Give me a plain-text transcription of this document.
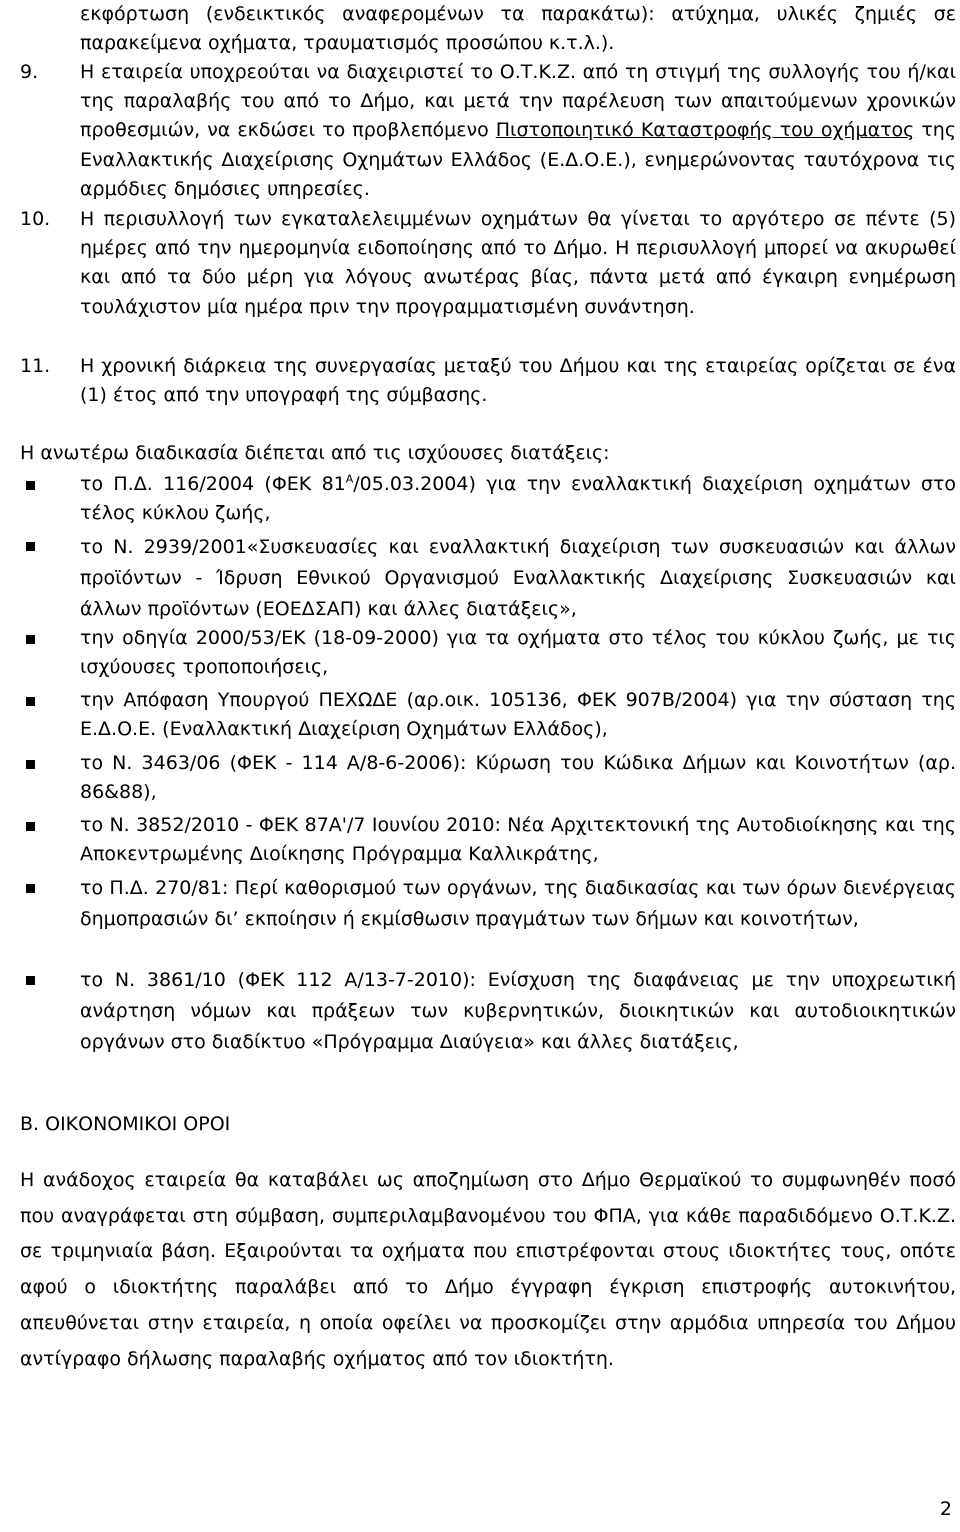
εκφόρτωση (ενδεικτικός αναφερομένων τα παρακάτω): ατύχημα, υλικές ζημιές σε παρακείμενα οχήματα, τραυματισμός προσώπου κ.τ.λ.).
9.	Η εταιρεία υποχρεούται να διαχειριστεί το Ο.Τ.Κ.Ζ. από τη στιγμή της συλλογής του ή/και της παραλαβής του από το Δήμο, και μετά την παρέλευση των απαιτούμενων χρονικών προθεσμιών, να εκδώσει το προβλεπόμενο Πιστοποιητικό Καταστροφής του οχήματος της Εναλλακτικής Διαχείρισης Οχημάτων Ελλάδος (Ε.Δ.Ο.Ε.), ενημερώνοντας ταυτόχρονα τις αρμόδιες δημόσιες υπηρεσίες.
10.	Η περισυλλογή των εγκαταλελειμμένων οχημάτων θα γίνεται το αργότερο σε πέντε (5) ημέρες από την ημερομηνία ειδοποίησης από το Δήμο. Η περισυλλογή μπορεί να ακυρωθεί και από τα δύο μέρη για λόγους ανωτέρας βίας, πάντα μετά από έγκαιρη ενημέρωση τουλάχιστον μία ημέρα πριν την προγραμματισμένη συνάντηση.
11.	Η χρονική διάρκεια της συνεργασίας μεταξύ του Δήμου και της εταιρείας ορίζεται σε ένα (1) έτος από την υπογραφή της σύμβασης.
Η ανωτέρω διαδικασία διέπεται από τις ισχύουσες διατάξεις:
το Π.Δ. 116/2004 (ΦΕΚ $81^A/05.03.2004$) για την εναλλακτική διαχείριση οχημάτων στο τέλος κύκλου ζωής,
το Ν. 2939/2001«Συσκευασίες και εναλλακτική διαχείριση των συσκευασιών και άλλων προϊόντων - Ίδρυση Εθνικού Οργανισμού Εναλλακτικής Διαχείρισης Συσκευασιών και άλλων προϊόντων (ΕΟΕΔΣΑΠ) και άλλες διατάξεις»,
την οδηγία 2000/53/ΕΚ (18-09-2000) για τα οχήματα στο τέλος του κύκλου ζωής, με τις ισχύουσες τροποποιήσεις,
την Απόφαση Υπουργού ΠΕΧΩΔΕ (αρ.οικ. 105136, ΦΕΚ 907Β/2004) για την σύσταση της Ε.Δ.Ο.Ε. (Εναλλακτική Διαχείριση Οχημάτων Ελλάδος),
το Ν. 3463/06 (ΦΕΚ - 114 Α/8-6-2006): Κύρωση του Κώδικα Δήμων και Κοινοτήτων (αρ. 86&88),
το Ν. 3852/2010 - ΦΕΚ 87Α'/7 Ιουνίου 2010: Νέα Αρχιτεκτονική της Αυτοδιοίκησης και της Αποκεντρωμένης Διοίκησης Πρόγραμμα Καλλικράτης,
το Π.Δ. 270/81: Περί καθορισμού των οργάνων, της διαδικασίας και των όρων διενέργειας δημοπρασιών δι’ εκποίησιν ή εκμίσθωσιν πραγμάτων των δήμων και κοινοτήτων,
το Ν. 3861/10 (ΦΕΚ 112 Α/13-7-2010): Ενίσχυση της διαφάνειας με την υποχρεωτική ανάρτηση νόμων και πράξεων των κυβερνητικών, διοικητικών και αυτοδιοικητικών οργάνων στο διαδίκτυο «Πρόγραμμα Διαύγεια» και άλλες διατάξεις,
Β. ΟΙΚΟΝΟΜΙΚΟΙ ΟΡΟΙ
Η ανάδοχος εταιρεία θα καταβάλει ως αποζημίωση στο Δήμο Θερμαϊκού το συμφωνηθέν ποσό που αναγράφεται στη σύμβαση, συμπεριλαμβανομένου του ΦΠΑ, για κάθε παραδιδόμενο Ο.Τ.Κ.Ζ. σε τριμηνιαία βάση. Εξαιρούνται τα οχήματα που επιστρέφονται στους ιδιοκτήτες τους, οπότε αφού ο ιδιοκτήτης παραλάβει από το Δήμο έγγραφη έγκριση επιστροφής αυτοκινήτου, απευθύνεται στην εταιρεία, η οποία οφείλει να προσκομίζει στην αρμόδια υπηρεσία του Δήμου αντίγραφο δήλωσης παραλαβής οχήματος από τον ιδιοκτήτη.
2
